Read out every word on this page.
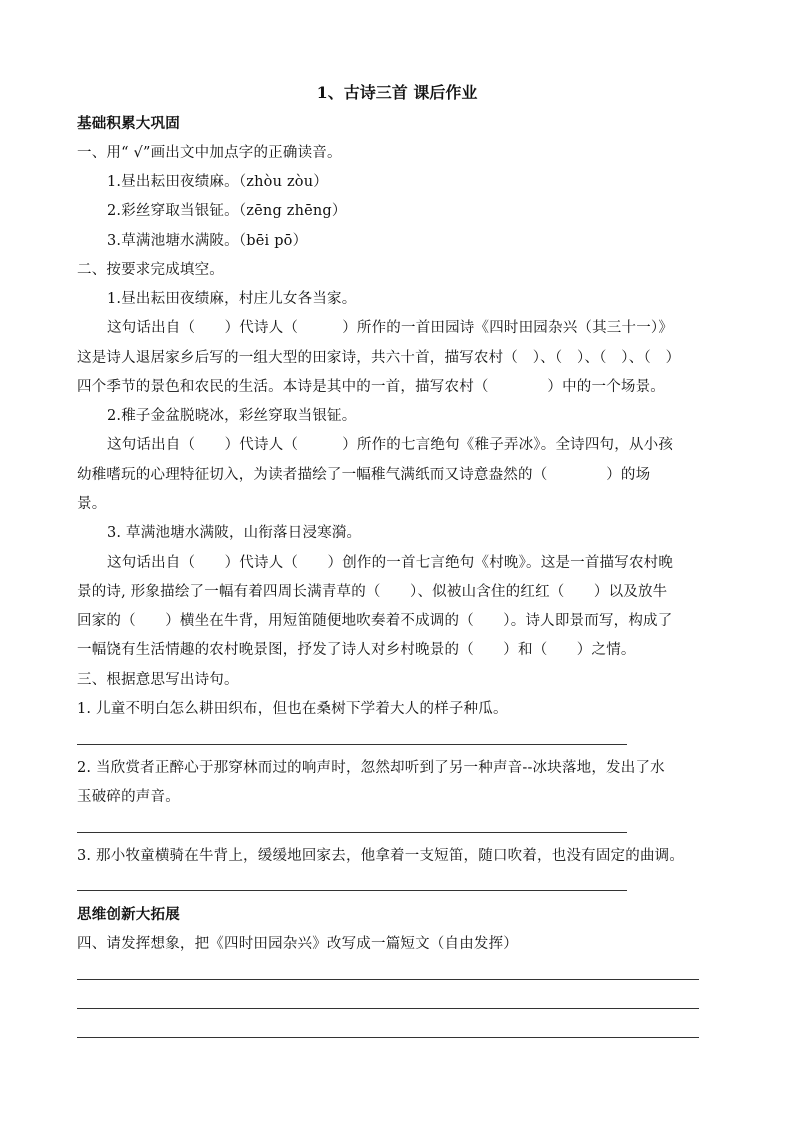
1、古诗三首 课后作业
基础积累大巩固
一、用“ √”画出文中加点字的正确读音。
1.昼出耘田夜绩麻。（zhòu zòu）
2.彩丝穿取当银钲。（zēng zhēng）
3.草满池塘水满陂。（bēi pō）
二、按要求完成填空。
1.昼出耘田夜绩麻，村庄儿女各当家。
这句话出自（　　）代诗人（　　　）所作的一首田园诗《四时田园杂兴（其三十一）》
这是诗人退居家乡后写的一组大型的田家诗，共六十首，描写农村（　）、（　）、（　）、（　）
四个季节的景色和农民的生活。本诗是其中的一首，描写农村（　　　　）中的一个场景。
2.稚子金盆脱晓冰，彩丝穿取当银钲。
这句话出自（　　）代诗人（　　　）所作的七言绝句《稚子弄冰》。全诗四句，从小孩
幼稚嗜玩的心理特征切入，为读者描绘了一幅稚气满纸而又诗意盎然的（　　　　）的场
景。
3. 草满池塘水满陂，山衔落日浸寒漪。
这句话出自（　　）代诗人（　　）创作的一首七言绝句《村晚》。这是一首描写农村晚
景的诗, 形象描绘了一幅有着四周长满青草的（　　）、似被山含住的红红（　　）以及放牛
回家的（　　）横坐在牛背，用短笛随便地吹奏着不成调的（　　）。诗人即景而写，构成了
一幅饶有生活情趣的农村晚景图，抒发了诗人对乡村晚景的（　　）和（　　）之情。
三、根据意思写出诗句。
1. 儿童不明白怎么耕田织布，但也在桑树下学着大人的样子种瓜。
2. 当欣赏者正醉心于那穿林而过的响声时，忽然却听到了另一种声音--冰块落地，发出了水
玉破碎的声音。
3. 那小牧童横骑在牛背上，缓缓地回家去，他拿着一支短笛，随口吹着，也没有固定的曲调。
思维创新大拓展
四、请发挥想象，把《四时田园杂兴》改写成一篇短文（自由发挥）
